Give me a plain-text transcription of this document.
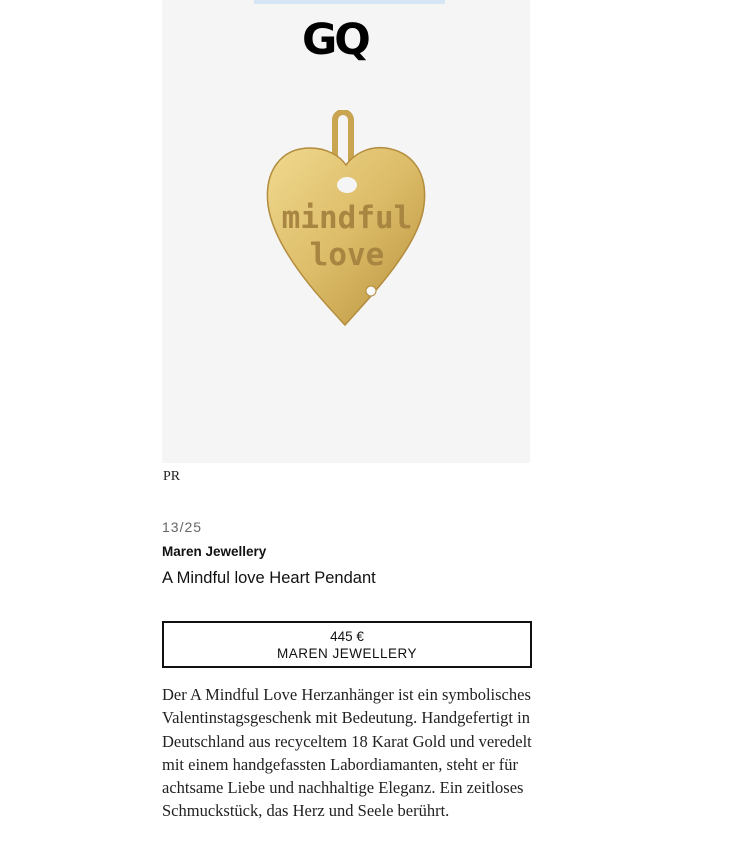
GQ
mindful
love
PR
13/25
Maren Jewellery
A Mindful love Heart Pendant
445 €
MAREN JEWELLERY

Der A Mindful Love Herzanhänger ist ein symbolisches Valentinstagsgeschenk mit Bedeutung. Handgefertigt in Deutschland aus recyceltem 18 Karat Gold und veredelt mit einem handgefassten Labordiamanten, steht er für achtsame Liebe und nachhaltige Eleganz. Ein zeitloses Schmuckstück, das Herz und Seele berührt.
